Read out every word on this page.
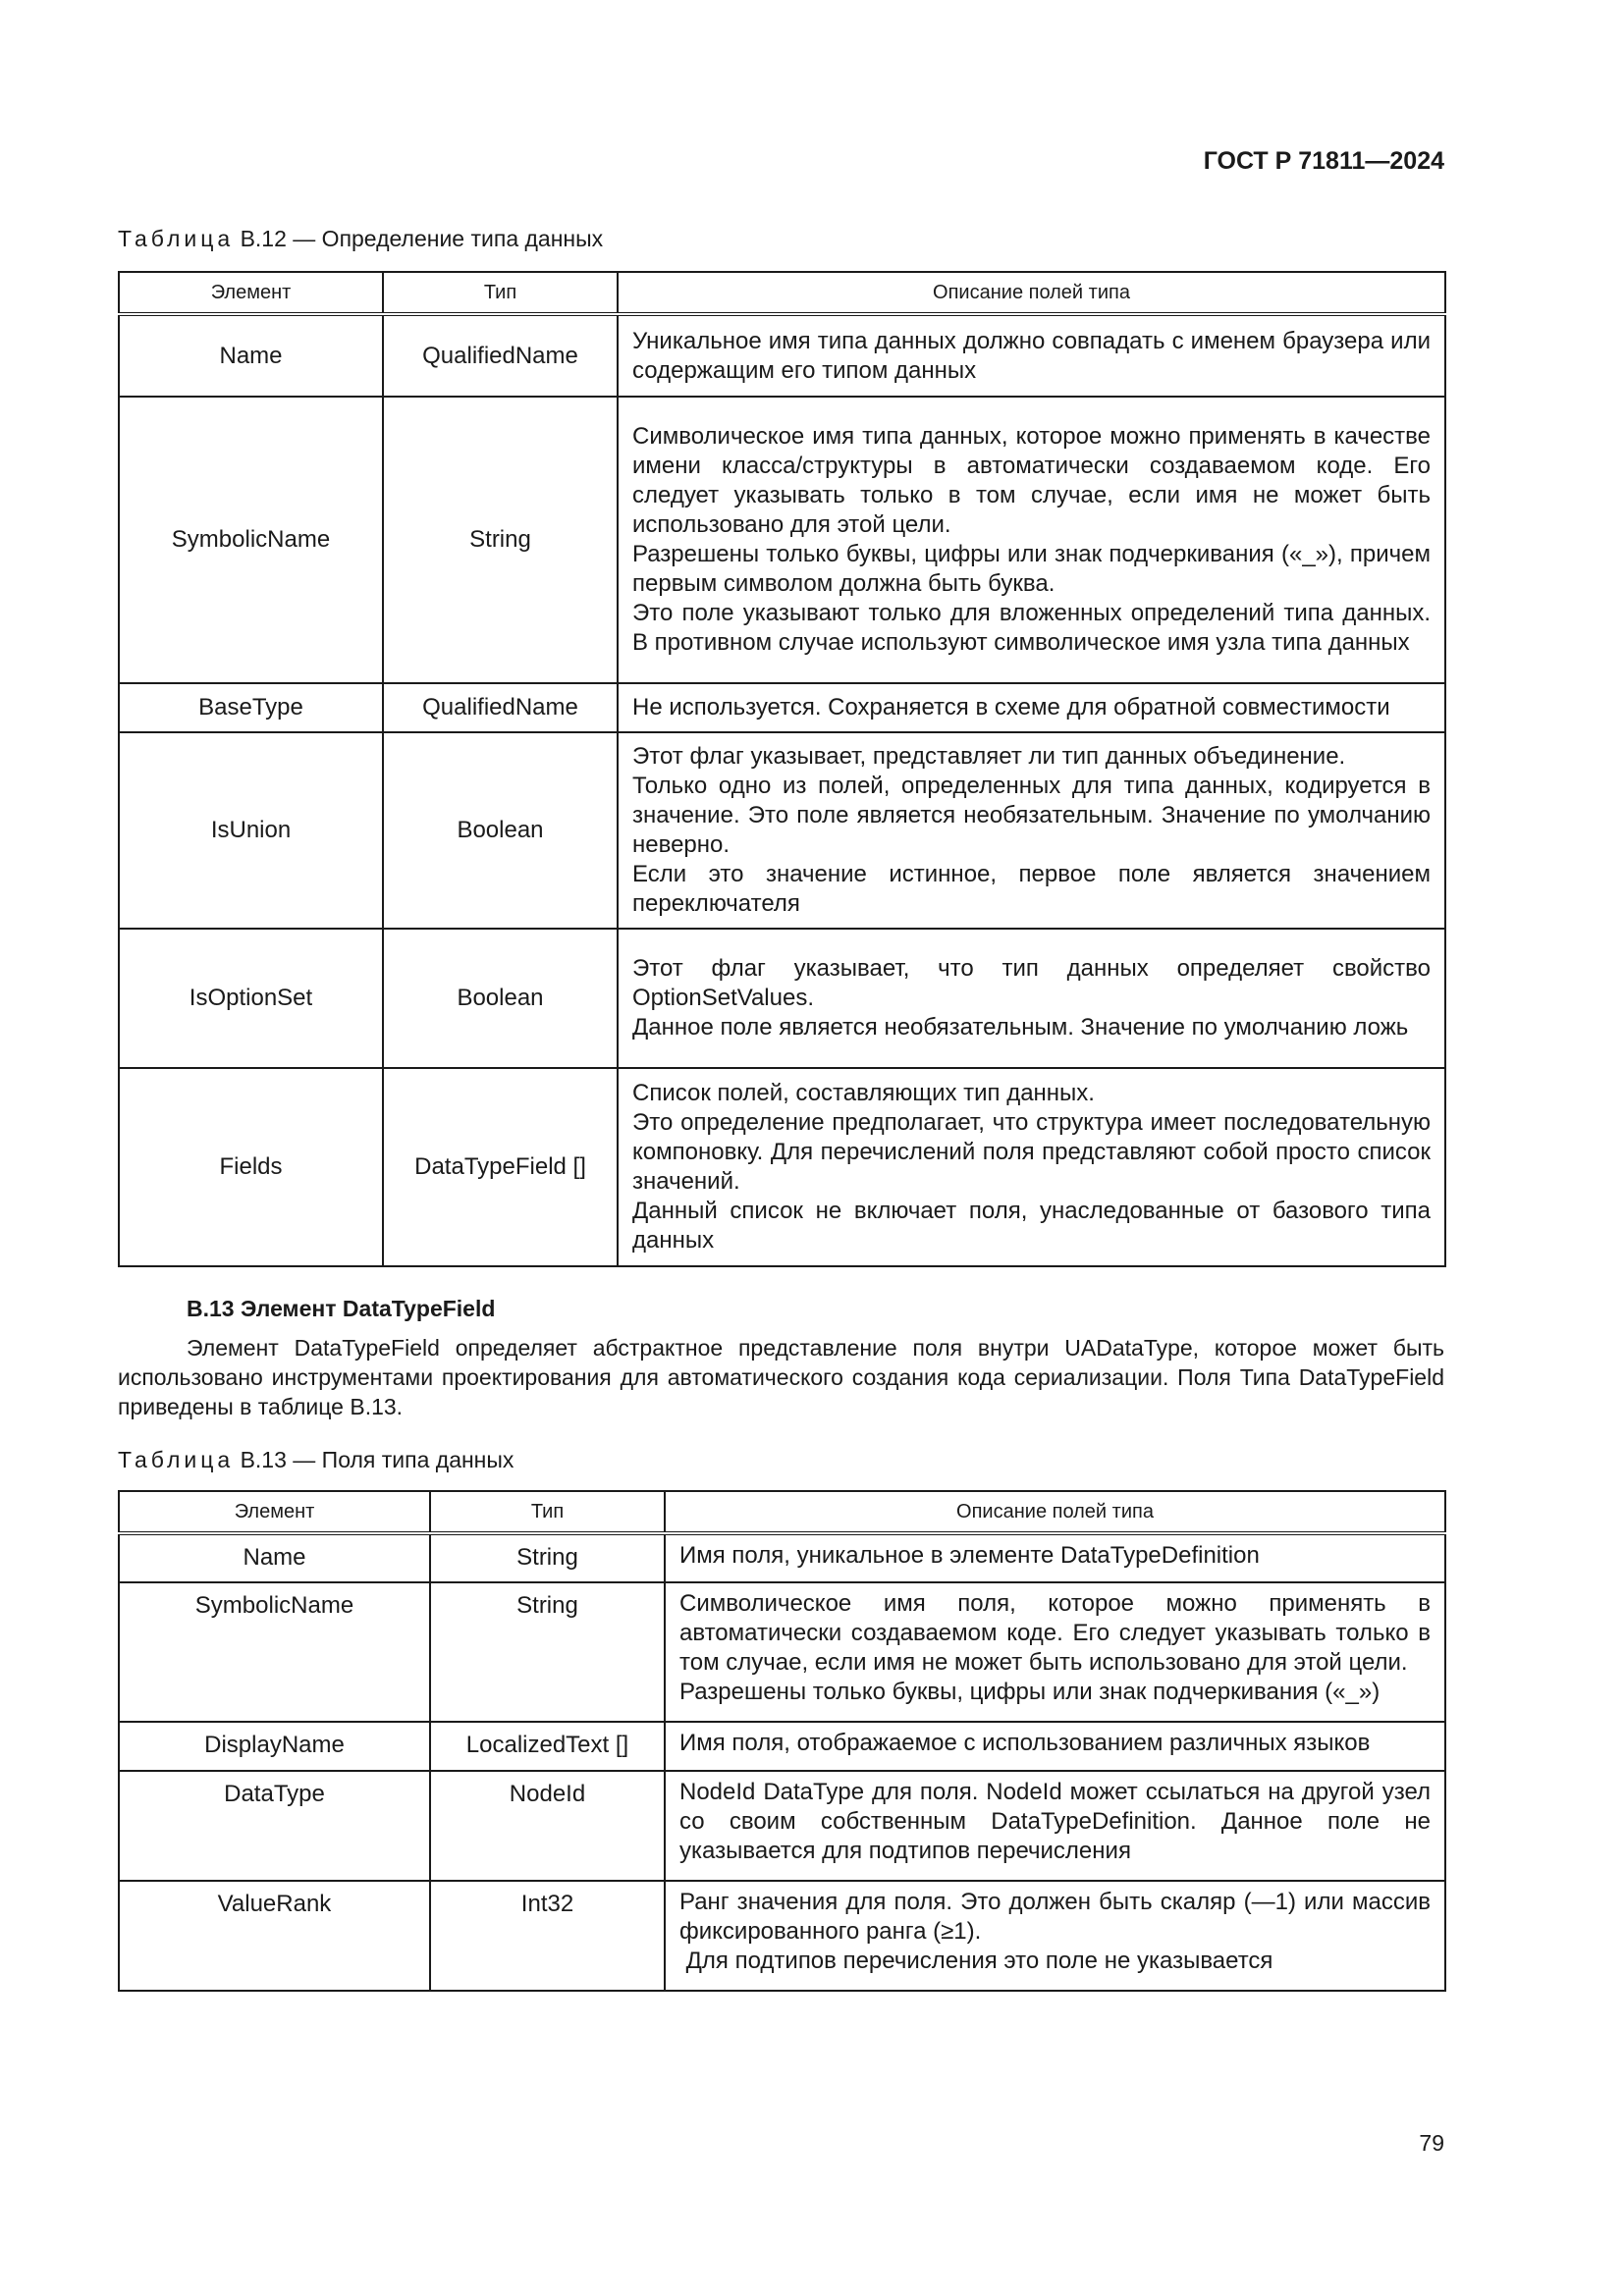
ГОСТ Р 71811—2024
Таблица В.12 — Определение типа данных
Элемент	Тип	Описание полей типа
Name	QualifiedName	Уникальное имя типа данных должно совпадать с именем браузера или содержащим его типом данных

SymbolicName	String	Символическое имя типа данных, которое можно применять в качестве имени класса/структуры в автоматически создаваемом коде. Его следует указывать только в том случае, если имя не может быть использовано для этой цели.
Разрешены только буквы, цифры или знак подчеркивания («_»), причем первым символом должна быть буква.
Это поле указывают только для вложенных определений типа данных. В противном случае используют символическое имя узла типа данных

BaseType	QualifiedName	Не используется. Сохраняется в схеме для обратной совместимости

IsUnion	Boolean	Этот флаг указывает, представляет ли тип данных объединение.
Только одно из полей, определенных для типа данных, кодируется в значение. Это поле является необязательным. Значение по умолчанию неверно.
Если это значение истинное, первое поле является значением переключателя

IsOptionSet	Boolean	Этот флаг указывает, что тип данных определяет свойство OptionSetValues.
Данное поле является необязательным. Значение по умолчанию ложь

Fields	DataTypeField []	Список полей, составляющих тип данных.
Это определение предполагает, что структура имеет последовательную компоновку. Для перечислений поля представляют собой просто список значений.
Данный список не включает поля, унаследованные от базового типа данных
В.13 Элемент DataTypeField
Элемент DataTypeField определяет абстрактное представление поля внутри UADataType, которое может быть использовано инструментами проектирования для автоматического создания кода сериализации. Поля Типа DataTypeField приведены в таблице В.13.
Таблица В.13 — Поля типа данных
Элемент	Тип	Описание полей типа
Name	String	Имя поля, уникальное в элементе DataTypeDefinition

SymbolicName	String	Символическое имя поля, которое можно применять в автоматически создаваемом коде. Его следует указывать только в том случае, если имя не может быть использовано для этой цели.
Разрешены только буквы, цифры или знак подчеркивания («_»)

DisplayName	LocalizedText []	Имя поля, отображаемое с использованием различных языков

DataType	NodeId	NodeId DataType для поля. NodeId может ссылаться на другой узел со своим собственным DataTypeDefinition. Данное поле не указывается для подтипов перечисления

ValueRank	Int32	Ранг значения для поля. Это должен быть скаляр (—1) или массив фиксированного ранга (≥1).
Для подтипов перечисления это поле не указывается
79
